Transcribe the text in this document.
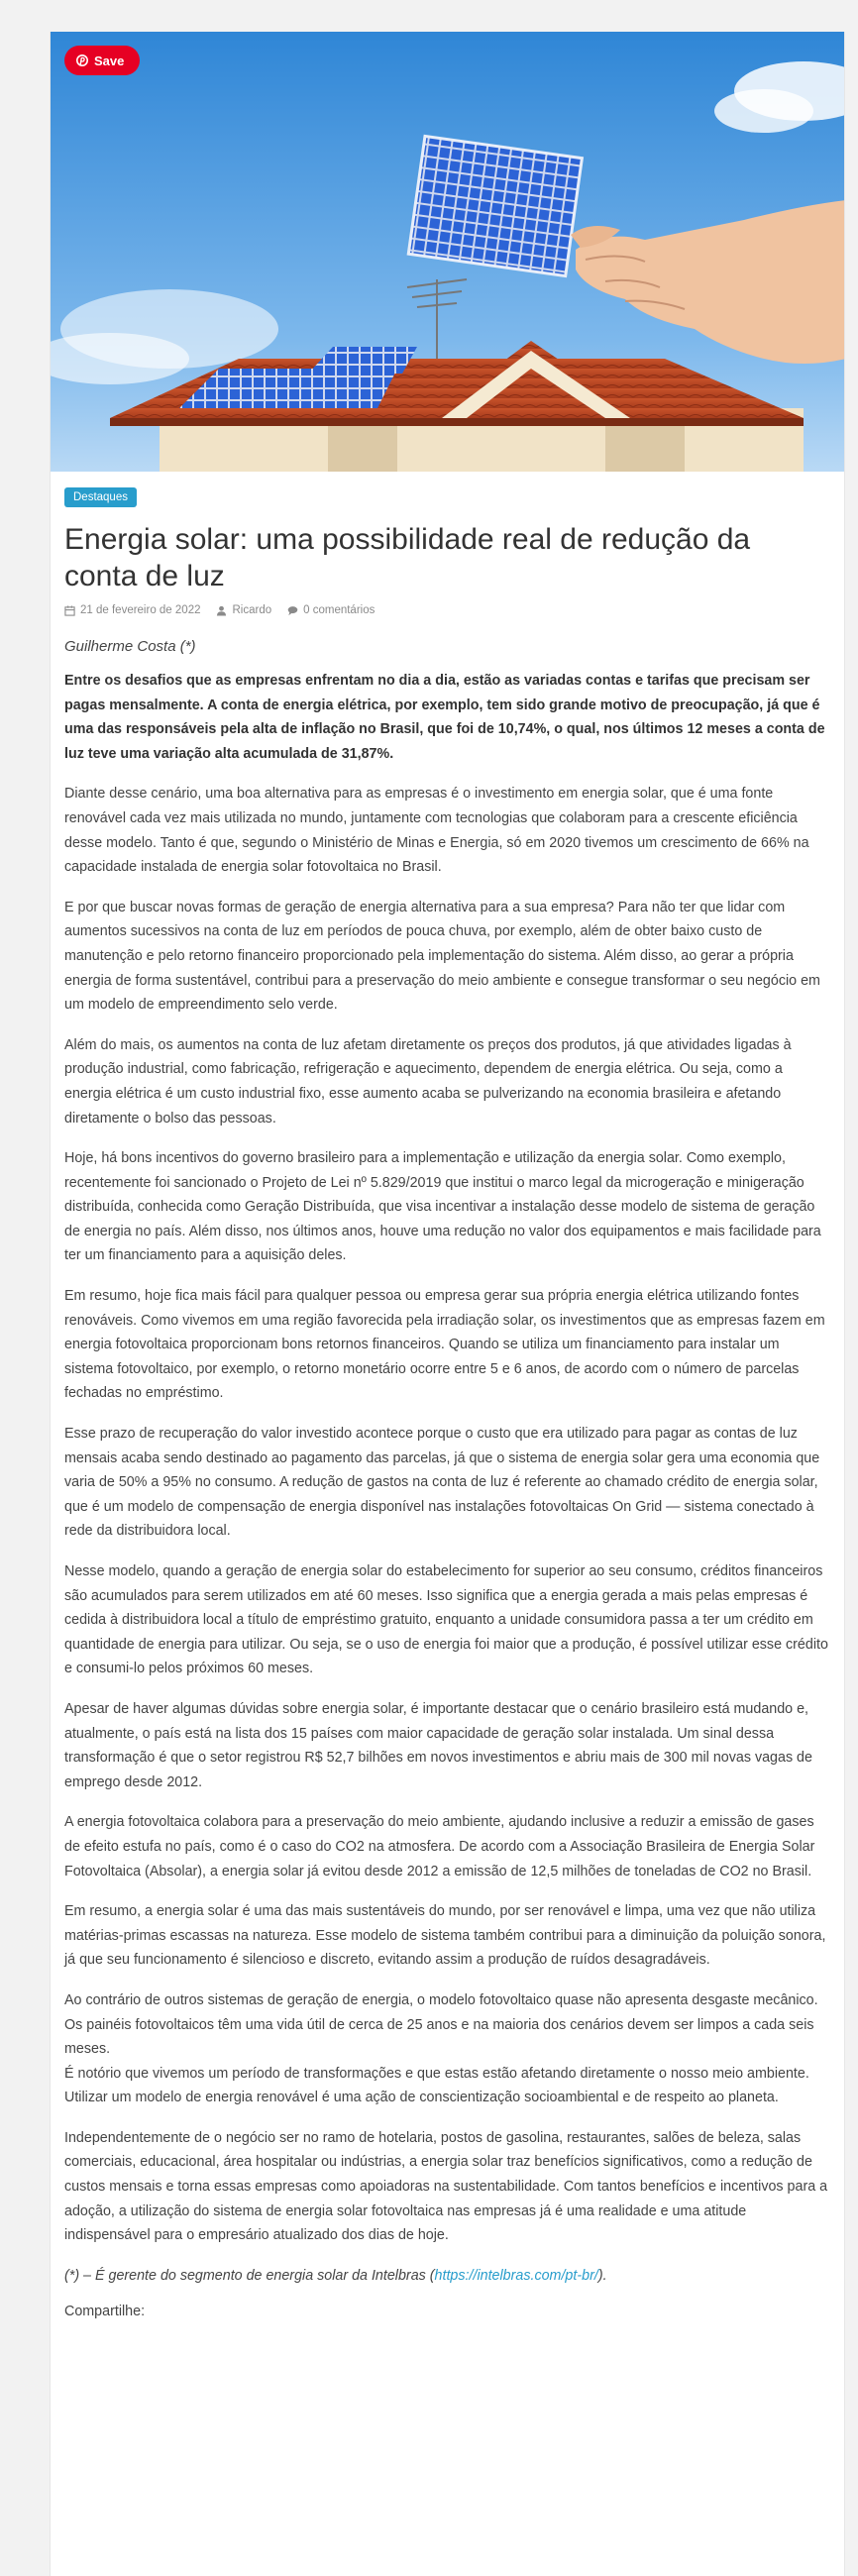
Save
Destaques
Energia solar: uma possibilidade real de redução da conta de luz
21 de fevereiro de 2022	Ricardo	0 comentários
Guilherme Costa (*)

Entre os desafios que as empresas enfrentam no dia a dia, estão as variadas contas e tarifas que precisam ser pagas mensalmente. A conta de energia elétrica, por exemplo, tem sido grande motivo de preocupação, já que é uma das responsáveis pela alta de inflação no Brasil, que foi de 10,74%, o qual, nos últimos 12 meses a conta de luz teve uma variação alta acumulada de 31,87%.

Diante desse cenário, uma boa alternativa para as empresas é o investimento em energia solar, que é uma fonte renovável cada vez mais utilizada no mundo, juntamente com tecnologias que colaboram para a crescente eficiência desse modelo. Tanto é que, segundo o Ministério de Minas e Energia, só em 2020 tivemos um crescimento de 66% na capacidade instalada de energia solar fotovoltaica no Brasil.

E por que buscar novas formas de geração de energia alternativa para a sua empresa? Para não ter que lidar com aumentos sucessivos na conta de luz em períodos de pouca chuva, por exemplo, além de obter baixo custo de manutenção e pelo retorno financeiro proporcionado pela implementação do sistema. Além disso, ao gerar a própria energia de forma sustentável, contribui para a preservação do meio ambiente e consegue transformar o seu negócio em um modelo de empreendimento selo verde.

Além do mais, os aumentos na conta de luz afetam diretamente os preços dos produtos, já que atividades ligadas à produção industrial, como fabricação, refrigeração e aquecimento, dependem de energia elétrica. Ou seja, como a energia elétrica é um custo industrial fixo, esse aumento acaba se pulverizando na economia brasileira e afetando diretamente o bolso das pessoas.

Hoje, há bons incentivos do governo brasileiro para a implementação e utilização da energia solar. Como exemplo, recentemente foi sancionado o Projeto de Lei nº 5.829/2019 que institui o marco legal da microgeração e minigeração distribuída, conhecida como Geração Distribuída, que visa incentivar a instalação desse modelo de sistema de geração de energia no país. Além disso, nos últimos anos, houve uma redução no valor dos equipamentos e mais facilidade para ter um financiamento para a aquisição deles.

Em resumo, hoje fica mais fácil para qualquer pessoa ou empresa gerar sua própria energia elétrica utilizando fontes renováveis. Como vivemos em uma região favorecida pela irradiação solar, os investimentos que as empresas fazem em energia fotovoltaica proporcionam bons retornos financeiros. Quando se utiliza um financiamento para instalar um sistema fotovoltaico, por exemplo, o retorno monetário ocorre entre 5 e 6 anos, de acordo com o número de parcelas fechadas no empréstimo.

Esse prazo de recuperação do valor investido acontece porque o custo que era utilizado para pagar as contas de luz mensais acaba sendo destinado ao pagamento das parcelas, já que o sistema de energia solar gera uma economia que varia de 50% a 95% no consumo. A redução de gastos na conta de luz é referente ao chamado crédito de energia solar, que é um modelo de compensação de energia disponível nas instalações fotovoltaicas On Grid — sistema conectado à rede da distribuidora local.

Nesse modelo, quando a geração de energia solar do estabelecimento for superior ao seu consumo, créditos financeiros são acumulados para serem utilizados em até 60 meses. Isso significa que a energia gerada a mais pelas empresas é cedida à distribuidora local a título de empréstimo gratuito, enquanto a unidade consumidora passa a ter um crédito em quantidade de energia para utilizar. Ou seja, se o uso de energia foi maior que a produção, é possível utilizar esse crédito e consumi-lo pelos próximos 60 meses.

Apesar de haver algumas dúvidas sobre energia solar, é importante destacar que o cenário brasileiro está mudando e, atualmente, o país está na lista dos 15 países com maior capacidade de geração solar instalada. Um sinal dessa transformação é que o setor registrou R$ 52,7 bilhões em novos investimentos e abriu mais de 300 mil novas vagas de emprego desde 2012.

A energia fotovoltaica colabora para a preservação do meio ambiente, ajudando inclusive a reduzir a emissão de gases de efeito estufa no país, como é o caso do CO2 na atmosfera. De acordo com a Associação Brasileira de Energia Solar Fotovoltaica (Absolar), a energia solar já evitou desde 2012 a emissão de 12,5 milhões de toneladas de CO2 no Brasil.

Em resumo, a energia solar é uma das mais sustentáveis do mundo, por ser renovável e limpa, uma vez que não utiliza matérias-primas escassas na natureza. Esse modelo de sistema também contribui para a diminuição da poluição sonora, já que seu funcionamento é silencioso e discreto, evitando assim a produção de ruídos desagradáveis.

Ao contrário de outros sistemas de geração de energia, o modelo fotovoltaico quase não apresenta desgaste mecânico. Os painéis fotovoltaicos têm uma vida útil de cerca de 25 anos e na maioria dos cenários devem ser limpos a cada seis meses.
É notório que vivemos um período de transformações e que estas estão afetando diretamente o nosso meio ambiente. Utilizar um modelo de energia renovável é uma ação de conscientização socioambiental e de respeito ao planeta.

Independentemente de o negócio ser no ramo de hotelaria, postos de gasolina, restaurantes, salões de beleza, salas comerciais, educacional, área hospitalar ou indústrias, a energia solar traz benefícios significativos, como a redução de custos mensais e torna essas empresas como apoiadoras na sustentabilidade. Com tantos benefícios e incentivos para a adoção, a utilização do sistema de energia solar fotovoltaica nas empresas já é uma realidade e uma atitude indispensável para o empresário atualizado dos dias de hoje.

(*) – É gerente do segmento de energia solar da Intelbras (https://intelbras.com/pt-br/).

Compartilhe:
